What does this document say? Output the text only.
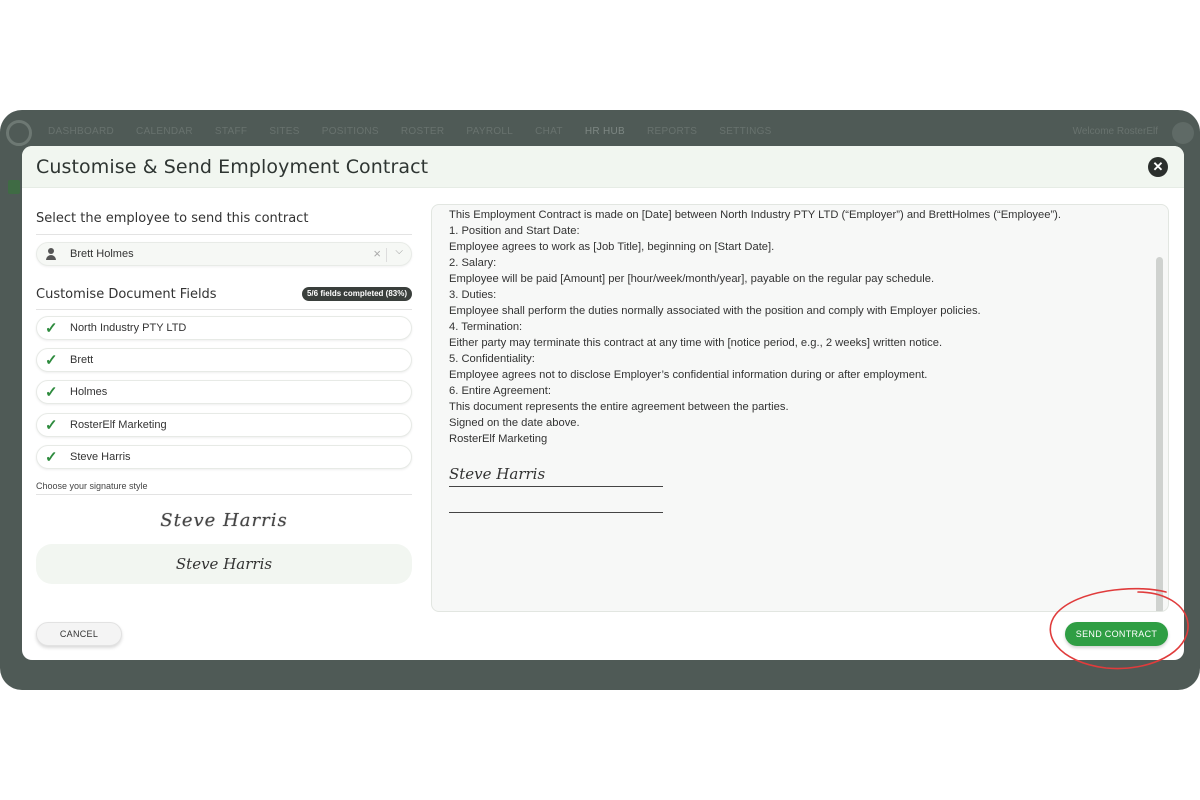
DASHBOARD CALENDAR STAFF SITES POSITIONS ROSTER PAYROLL CHAT HR HUB REPORTS SETTINGS	Welcome RosterElf
Customise & Send Employment Contract	✕
Select the employee to send this contract
Brett Holmes	× ⌵
Customise Document Fields	5/6 fields completed (83%)
✓ North Industry PTY LTD
✓ Brett
✓ Holmes
✓ RosterElf Marketing
✓ Steve Harris
Choose your signature style
Steve Harris
Steve Harris
This Employment Contract is made on [Date] between North Industry PTY LTD (“Employer”) and BrettHolmes (“Employee”).
1. Position and Start Date:
Employee agrees to work as [Job Title], beginning on [Start Date].
2. Salary:
Employee will be paid [Amount] per [hour/week/month/year], payable on the regular pay schedule.
3. Duties:
Employee shall perform the duties normally associated with the position and comply with Employer policies.
4. Termination:
Either party may terminate this contract at any time with [notice period, e.g., 2 weeks] written notice.
5. Confidentiality:
Employee agrees not to disclose Employer’s confidential information during or after employment.
6. Entire Agreement:
This document represents the entire agreement between the parties.
Signed on the date above.
RosterElf Marketing
Steve Harris
CANCEL	SEND CONTRACT
